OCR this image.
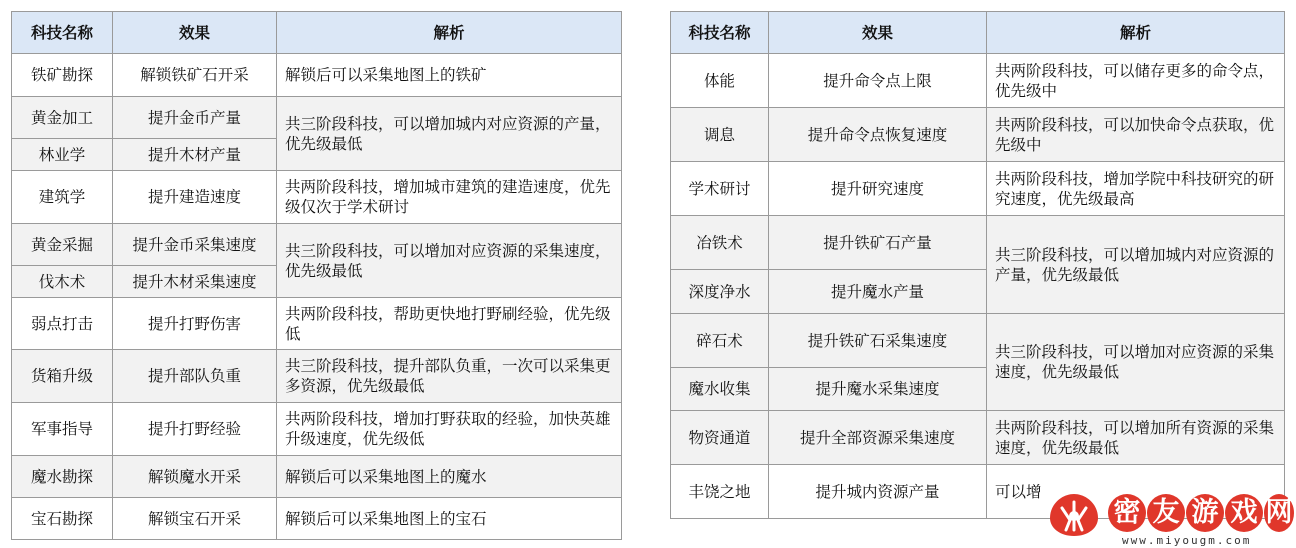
科技名称	效果	解析
铁矿勘探	解锁铁矿石开采	解锁后可以采集地图上的铁矿
黄金加工	提升金币产量	共三阶段科技，可以增加城内对应资源的产量，优先级最低
林业学	提升木材产量	
建筑学	提升建造速度	共两阶段科技，增加城市建筑的建造速度，优先级仅次于学术研讨
黄金采掘	提升金币采集速度	共三阶段科技，可以增加对应资源的采集速度，优先级最低
伐木术	提升木材采集速度	
弱点打击	提升打野伤害	共两阶段科技，帮助更快地打野刷经验，优先级低
货箱升级	提升部队负重	共三阶段科技，提升部队负重，一次可以采集更多资源，优先级最低
军事指导	提升打野经验	共两阶段科技，增加打野获取的经验，加快英雄升级速度，优先级低
魔水勘探	解锁魔水开采	解锁后可以采集地图上的魔水
宝石勘探	解锁宝石开采	解锁后可以采集地图上的宝石
科技名称	效果	解析
体能	提升命令点上限	共两阶段科技，可以储存更多的命令点，优先级中
调息	提升命令点恢复速度	共两阶段科技，可以加快命令点获取，优先级中
学术研讨	提升研究速度	共两阶段科技，增加学院中科技研究的研究速度，优先级最高
冶铁术	提升铁矿石产量	共三阶段科技，可以增加城内对应资源的产量，优先级最低
深度净水	提升魔水产量	
碎石术	提升铁矿石采集速度	共三阶段科技，可以增加对应资源的采集速度，优先级最低
魔水收集	提升魔水采集速度	
物资通道	提升全部资源采集速度	共两阶段科技，可以增加所有资源的采集速度，优先级最低
丰饶之地	提升城内资源产量	可以增
密 友 游 戏 网
www.miyougm.com
